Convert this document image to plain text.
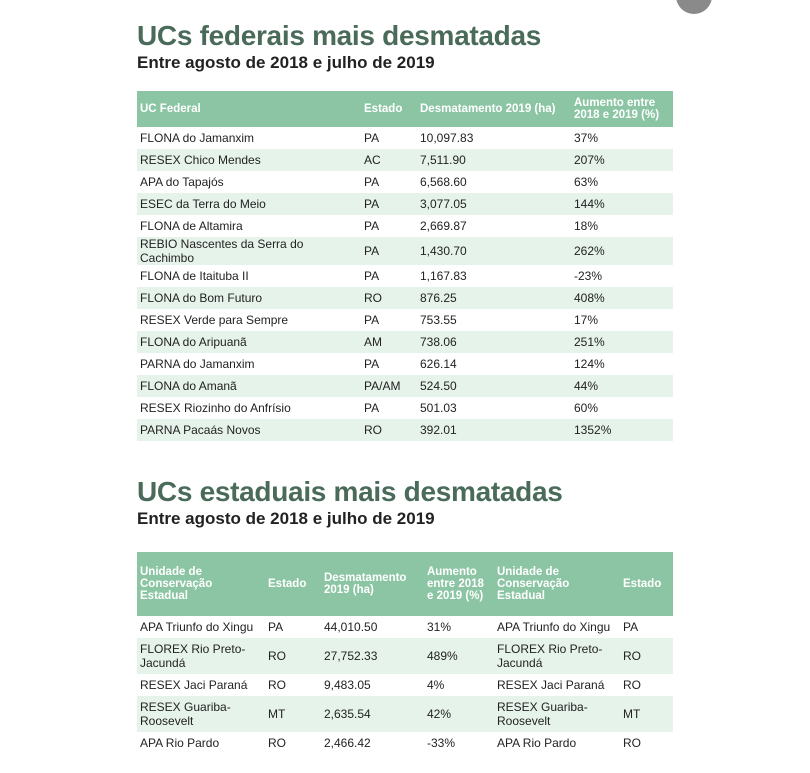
UCs federais mais desmatadas
Entre agosto de 2018 e julho de 2019
UC Federal	Estado	Desmatamento 2019 (ha)	Aumento entre 2018 e 2019 (%)
FLONA do Jamanxim	PA	10,097.83	37%
RESEX Chico Mendes	AC	7,511.90	207%
APA do Tapajós	PA	6,568.60	63%
ESEC da Terra do Meio	PA	3,077.05	144%
FLONA de Altamira	PA	2,669.87	18%
REBIO Nascentes da Serra do Cachimbo	PA	1,430.70	262%
FLONA de Itaituba II	PA	1,167.83	-23%
FLONA do Bom Futuro	RO	876.25	408%
RESEX Verde para Sempre	PA	753.55	17%
FLONA do Aripuanã	AM	738.06	251%
PARNA do Jamanxim	PA	626.14	124%
FLONA do Amanã	PA/AM	524.50	44%
RESEX Riozinho do Anfrísio	PA	501.03	60%
PARNA Pacaás Novos	RO	392.01	1352%
UCs estaduais mais desmatadas
Entre agosto de 2018 e julho de 2019
Unidade de Conservação Estadual	Estado	Desmatamento 2019 (ha)	Aumento entre 2018 e 2019 (%)	Unidade de Conservação Estadual	Estado
APA Triunfo do Xingu	PA	44,010.50	31%	APA Triunfo do Xingu	PA
FLOREX Rio Preto-Jacundá	RO	27,752.33	489%	FLOREX Rio Preto-Jacundá	RO
RESEX Jaci Paraná	RO	9,483.05	4%	RESEX Jaci Paraná	RO
RESEX Guariba-Roosevelt	MT	2,635.54	42%	RESEX Guariba-Roosevelt	MT
APA Rio Pardo	RO	2,466.42	-33%	APA Rio Pardo	RO
